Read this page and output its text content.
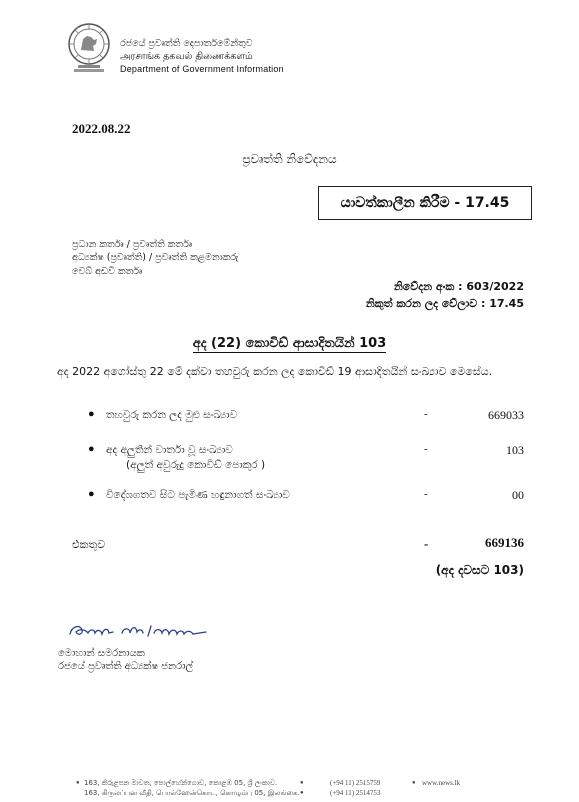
රජයේ ප්‍රවෘත්ති දෙපාර්තමේන්තුව
அரசாங்க தகவல் திணைக்களம்
Department of Government Information
2022.08.22
ප්‍රවෘත්ති නිවේදනය
යාවත්කාලීන කිරීම - 17.45
ප්‍රධාන කර්තෘ / ප්‍රවෘත්ති කර්තෘ
අධ්‍යක්ෂ (ප්‍රවෘත්ති) / ප්‍රවෘත්ති කළමනාකරු
වෙබ් අඩවි කර්තෘ
නිවේදන අංක : 603/2022
නිකුත් කරන ලද වේලාව : 17.45
අද (22) කොවිඩ් ආසාදිතයින් 103
අද 2022 අගෝස්තු 22 මේ දක්වා තහවුරු කරන ලද කොවිඩ් 19 ආසාදිතයින් සංඛ්‍යාව මෙසේය.
● තහවුරු කරන ලද මුළු සංඛ්‍යාව	-	669033
● අද අලුතින් වාර්තා වූ සංඛ්‍යාව
(අලුත් අවුරුදු කොවිඩ් පොකුර )
-	103
● විදේශගතව සිට පැමිණ හඳුනාගත් සංඛ්‍යාව	-	00
එකතුව	-	669136
(අද දවසට 103)
මොහාන් සමරනායක
රජයේ ප්‍රවෘත්ති අධ්‍යක්ෂ ජනරාල්
● 163, කිරුළපන මාවත, පොල්හේන්ගොඩ, කොළඹ 05, ශ්‍රී ලංකාව.
163, கிருலப்பன வீதி, பொல்ஹேன்கொட, கொழும்பு 05, இலங்கை.
●	(+94 11) 2515759
●	(+94 11) 2514753
● www.news.lk
